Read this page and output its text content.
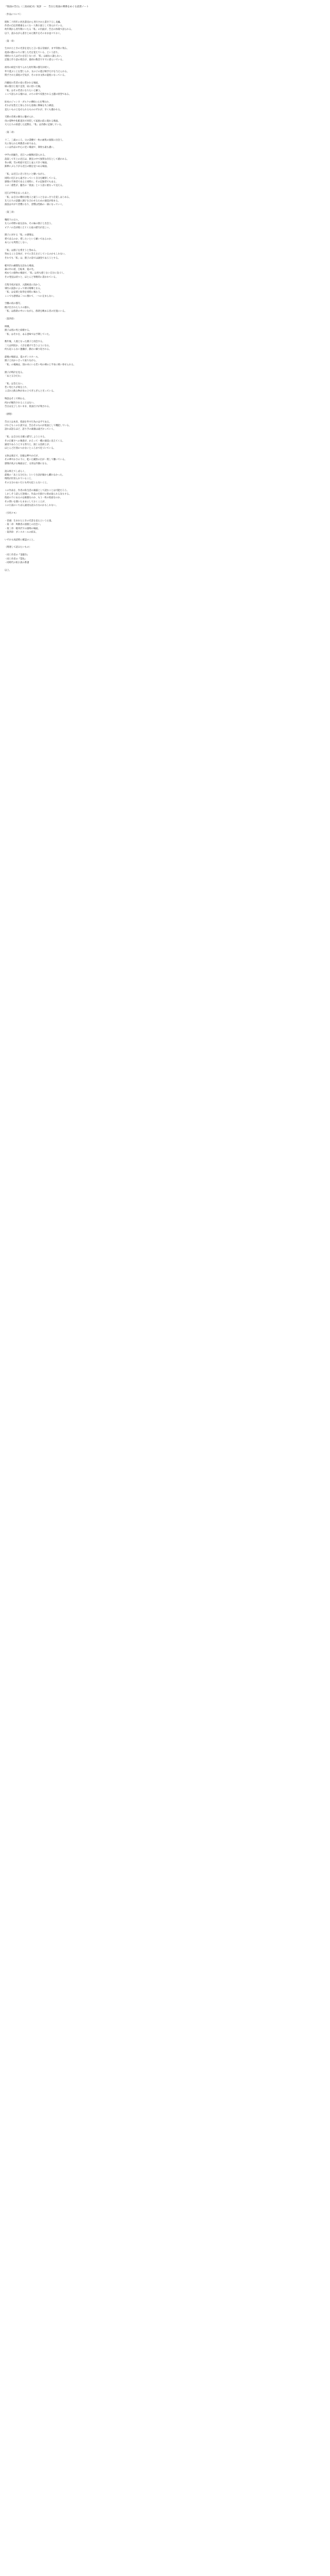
『仮面の告白』（三島由紀夫）短評　―　告白と仮面の関係をめぐる読書ノート
〈作品について〉
昭和二十四年に河出書房から刊行された書き下ろし長編。
作者の自伝的要素をふくむ一人称小説として知られている。
幼年期から青年期にいたる「私」の内面が、告白の体裁で語られる。
以下、読みながら書きとめた断片をそのまま並べておく。
〈第一章〉
生まれたときの光景を見たと言い張る冒頭が、まず印象に残る。
産湯の盥のふちに射した光を覚えている、という語り。
周囲の大人はそれを信じないが、「私」は頑なに譲らない。
記憶と作り話の境目が、最初の数頁ですでに揺らいでいる。
祖母の病室で育てられた幼年期の描写が続く。
外で遊ぶことを禁じられ、女の子の遊び相手だけを与えられる。
閉ざされた部屋の空気が、そのまま文体の湿度になっている。
汚穢屋の若者の姿に惹かれる場面。
紺の股引と地下足袋、肩に担いだ桶。
「私」はその若者になりたいと願う。
ここで語られる憧れは、のちの章で反復される主題の原型である。
絵本のジャンヌ・ダルクの挿絵に心を奪われ、
それが女性だと知らされた途端に興味を失う挿話。
見たいものと見せられるもののずれが、早くも描かれる。
天勝の奇術の舞台に魅せられ、
母の着物や化粧道具で扮装して家族の前に現れる場面。
大人たちの困惑した沈黙を、「私」は冷静に記録している。
〈第二章〉
十二、三歳のころ、父の書棚で一枚の画集の図版に出会う。
矢に射られた殉教者の絵である。
ここは作品の中心に近い場面で、筆致も最も濃い。
中学の同級生、近江への傾倒が語られる。
落第して年上の近江は、教室の中で異質な存在として描かれる。
冬の朝、雪の校庭で近江と並んで歩く場面。
鉄棒にぶら下がる近江の腕を見つめる場面。
「私」は近江に近づきたいと願いながら、
同時に近江から遠ざかっていく自分を観察している。
感情の当事者であると同時に、その記録者でもある。
この二重性が、題名の「仮面」という語に重なって見える。
近江が学校を去ったあと、
「私」は自分の嗜好が他人と違うことをはっきり自覚しはじめる。
友人たちの話題に調子を合わせるための演技が始まる。
演技はやがて習慣になり、習慣は性格の一部になっていく。
〈第三章〉
戦時下の日々。
友人の草野の家を訪ね、その妹の園子と出会う。
ピアノの音が聞こえてくる家の描写が美しい。
園子に対する「私」の感情は、
愛であるのか、愛したいという願いであるのか、
本人にも判然としない。
「私」は園子を愛そうと努める。
努めること自体が、すでに答えを示しているのかもしれない。
それでも「私」は、園子の前では誠実であろうとする。
軽井沢の疎開先を訪ねる場面。
森の中の道、自転車、夏の光。
初めての接吻の場面で、「私」は何も感じない自分に気づく。
その発見は淡々と、ほとんど事務的に書かれている。
召集令状が届き、入隊検査に向かう。
軍医の誤診によって即日帰郷となる。
「私」は安堵と恥辱を同時に味わう。
ここでも感情は二つに割れて、一つに定まらない。
空襲の夜の描写。
焼け出された人々の群れ。
「私」は群衆の中にいながら、群衆を眺める者の位置にいる。
〈第四章〉
終戦。
園子は別の男と結婚する。
「私」はそれを、ある意味では予期していた。
数年後、人妻となった園子と再会する。
二人は何度か、人目を避けて会うようになる。
何も起こらない逢瀬が、静かに繰り返される。
最後の場面は、夏のダンスホール。
園子と向かい合って座りながら、
「私」の視線は、別の卓にいる若い男の裸の上半身に吸い寄せられる。
園子が時計を見る。
「あと五分だわ」
「私」は答えない。
若い男たちが席を立ち、
こぼれた飲み物が卓の上でぎらぎらと光っている。
物語はそこで終わる。
何かが解決されることはない。
告白は完了しないまま、仮面だけが残される。
〈感想〉
告白とは本来、仮面を外す行為のはずである。
けれどもこの小説では、告白そのものが仮面として機能している。
語れば語るほど、語り手の素顔は遠ざかっていく。
「私」は自分を正確に描写しようとする。
その正確さへの執着が、かえって一種の演技に見えてくる。
誠実であろうとする努力と、演じる技術とが、
ほとんど区別のつかないところまで近づいている。
文体は端正で、比喩は華やかだが、
その華やかさの下に、乾いた観察の目が一貫して働いている。
感情が高ぶる場面ほど、文章は冷静になる。
読み終えてしばらく、
最後の「あと五分だわ」という台詞が頭から離れなかった。
時間が区切られていること、
その五分のあいだにも何も起こらないこと。
この作品を、作者の私生活の暴露として読むことは可能だろう。
しかしそう読んだ途端に、作品の仕掛けに絡め取られる気もする。
仮面の下にあるのは素顔なのか、もう一枚の仮面なのか。
その問いを開いたままにしておくことが、
この小説のいちばん誠実な読み方なのかもしれない。
〈引用メモ〉
・冒頭：生まれたときの光景を見たという主張。
・第二章：殉教者の図版との出会い。
・第三章：軽井沢での接吻の場面。
・第四章：ダンスホールの結末。
いずれも再読時に確認のこと。
〈関連して読みたいもの〉
・同じ作者の『金閣寺』
・同じ作者の『禁色』
・同時代の私小説の系譜
以上。
